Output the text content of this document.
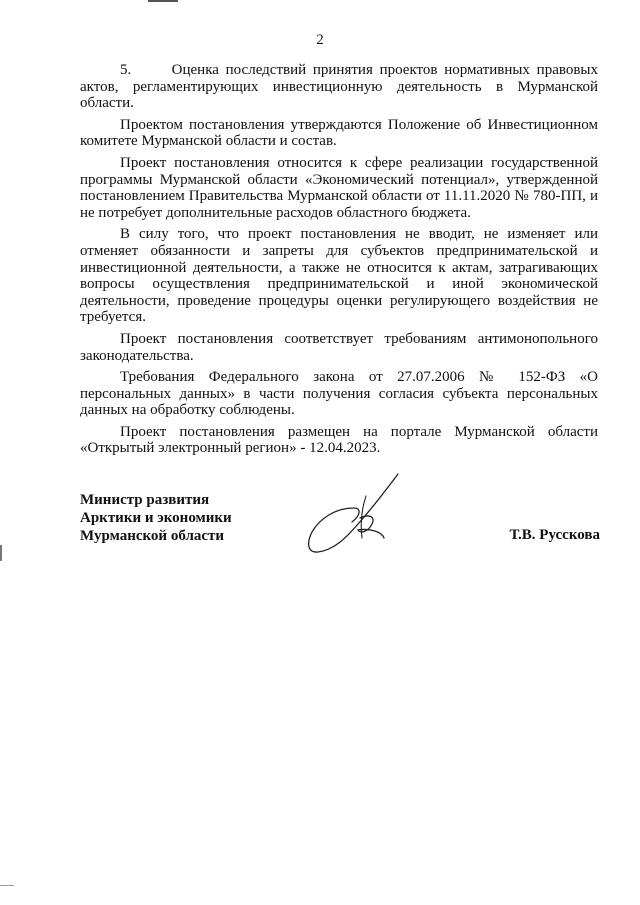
2

5.      Оценка последствий принятия проектов нормативных правовых актов, регламентирующих инвестиционную деятельность в Мурманской области.

Проектом постановления утверждаются Положение об Инвестиционном комитете Мурманской области и состав.

Проект постановления относится к сфере реализации государственной программы Мурманской области «Экономический потенциал», утвержденной постановлением Правительства Мурманской области от 11.11.2020 № 780-ПП, и не потребует дополнительные расходов областного бюджета.

В силу того, что проект постановления не вводит, не изменяет или отменяет обязанности и запреты для субъектов предпринимательской и инвестиционной деятельности, а также не относится к актам, затрагивающих вопросы осуществления предпринимательской и иной экономической деятельности, проведение процедуры оценки регулирующего воздействия не требуется.

Проект постановления соответствует требованиям антимонопольного законодательства.

Требования Федерального закона от 27.07.2006 № 152-ФЗ «О персональных данных» в части получения согласия субъекта персональных данных на обработку соблюдены.

Проект постановления размещен на портале Мурманской области «Открытый электронный регион» - 12.04.2023.

Министр развития
Арктики и экономики
Мурманской области	Т.В. Русскова
